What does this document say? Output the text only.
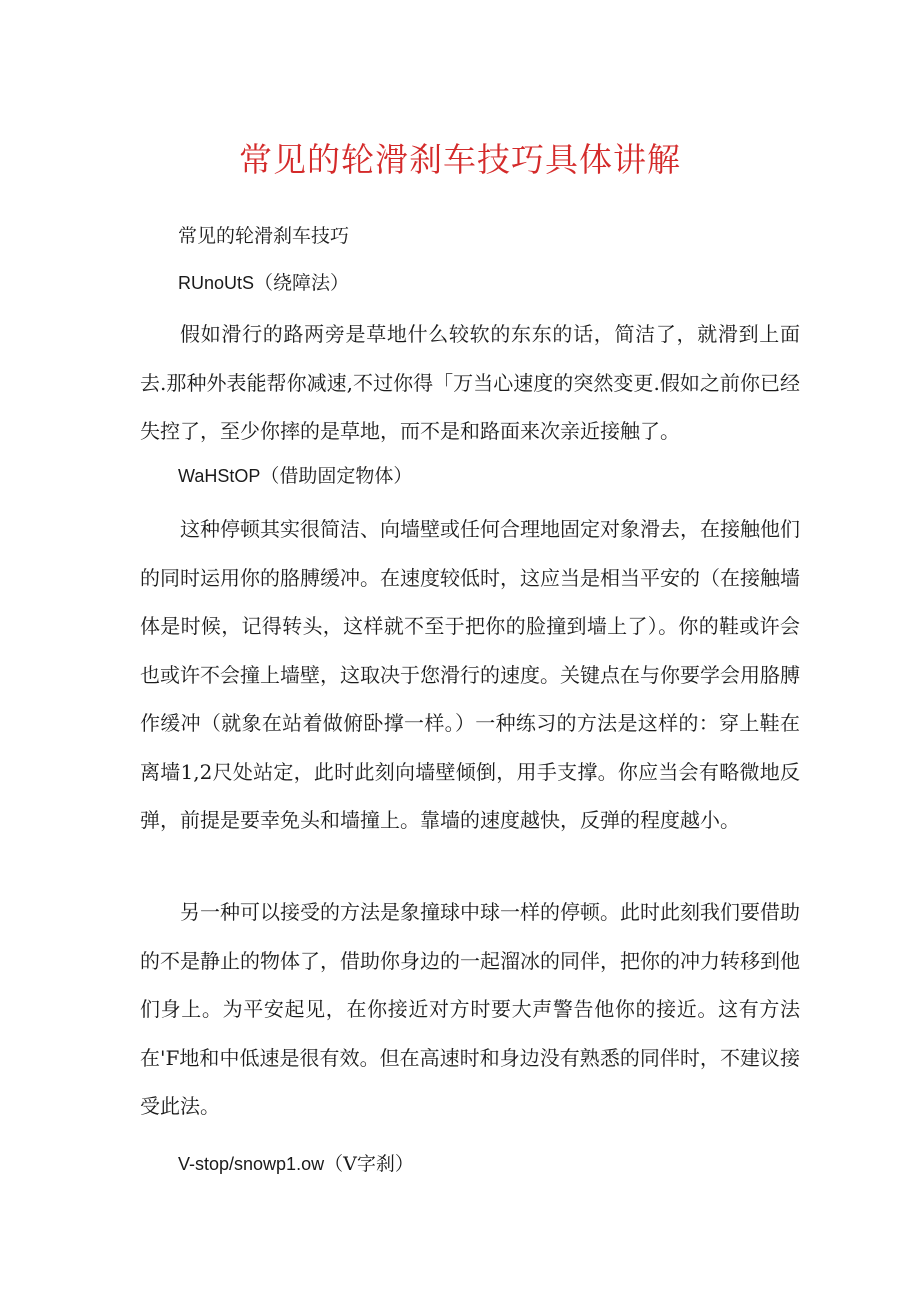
常见的轮滑刹车技巧具体讲解
常见的轮滑刹车技巧
RUnoUtS（绕障法）

假如滑行的路两旁是草地什么较软的东东的话，简洁了，就滑到上面去.那种外表能帮你减速,不过你得「万当心速度的突然变更.假如之前你已经失控了，至少你摔的是草地，而不是和路面来次亲近接触了。

WaHStOP（借助固定物体）

这种停顿其实很简洁、向墙壁或任何合理地固定对象滑去，在接触他们的同时运用你的胳膊缓冲。在速度较低时，这应当是相当平安的（在接触墙体是时候，记得转头，这样就不至于把你的脸撞到墙上了）。你的鞋或许会也或许不会撞上墙壁，这取决于您滑行的速度。关键点在与你要学会用胳膊作缓冲（就象在站着做俯卧撑一样。）一种练习的方法是这样的：穿上鞋在离墙1,2尺处站定，此时此刻向墙壁倾倒，用手支撑。你应当会有略微地反弹，前提是要幸免头和墙撞上。靠墙的速度越快，反弹的程度越小。

另一种可以接受的方法是象撞球中球一样的停顿。此时此刻我们要借助的不是静止的物体了，借助你身边的一起溜冰的同伴，把你的冲力转移到他们身上。为平安起见，在你接近对方时要大声警告他你的接近。这有方法在'F地和中低速是很有效。但在高速时和身边没有熟悉的同伴时，不建议接受此法。

V-stop/snowp1.ow（V字刹）
